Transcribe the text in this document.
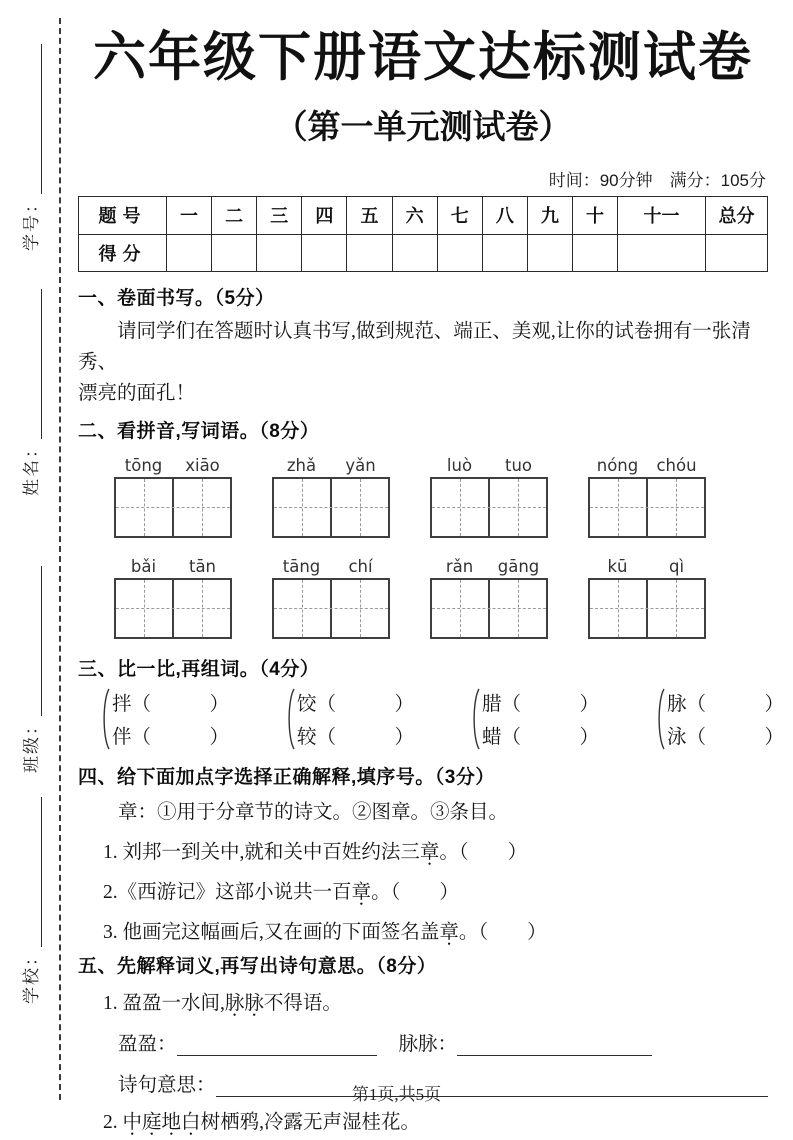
学校：
班级：
姓名：
学号：
六年级下册语文达标测试卷
（第一单元测试卷）
时间：90分钟　满分：105分
题号	一	二	三	四	五	六	七	八	九	十	十一	总分
得分												
一、卷面书写。（5分）
请同学们在答题时认真书写,做到规范、端正、美观,让你的试卷拥有一张清秀、
漂亮的面孔！
二、看拼音,写词语。（8分）
tōng	xiāo	zhǎ	yǎn	luò	tuo	nóng	chóu
bǎi	tān	tāng	chí	rǎn	gāng	kū	qì
三、比一比,再组词。（4分）
拌（　　　）
伴（　　　）
饺（　　　）
较（　　　）
腊（　　　）
蜡（　　　）
脉（　　　）
泳（　　　）
四、给下面加点字选择正确解释,填序号。（3分）
章：①用于分章节的诗文。②图章。③条目。
1. 刘邦一到关中,就和关中百姓约法三章。（　　）
2.《西游记》这部小说共一百章。（　　）
3. 他画完这幅画后,又在画的下面签名盖章。（　　）
五、先解释词义,再写出诗句意思。（8分）
1. 盈盈一水间,脉脉不得语。
盈盈：	脉脉：
诗句意思：
2. 中庭地白树栖鸦,冷露无声湿桂花。
第1页,共5页
